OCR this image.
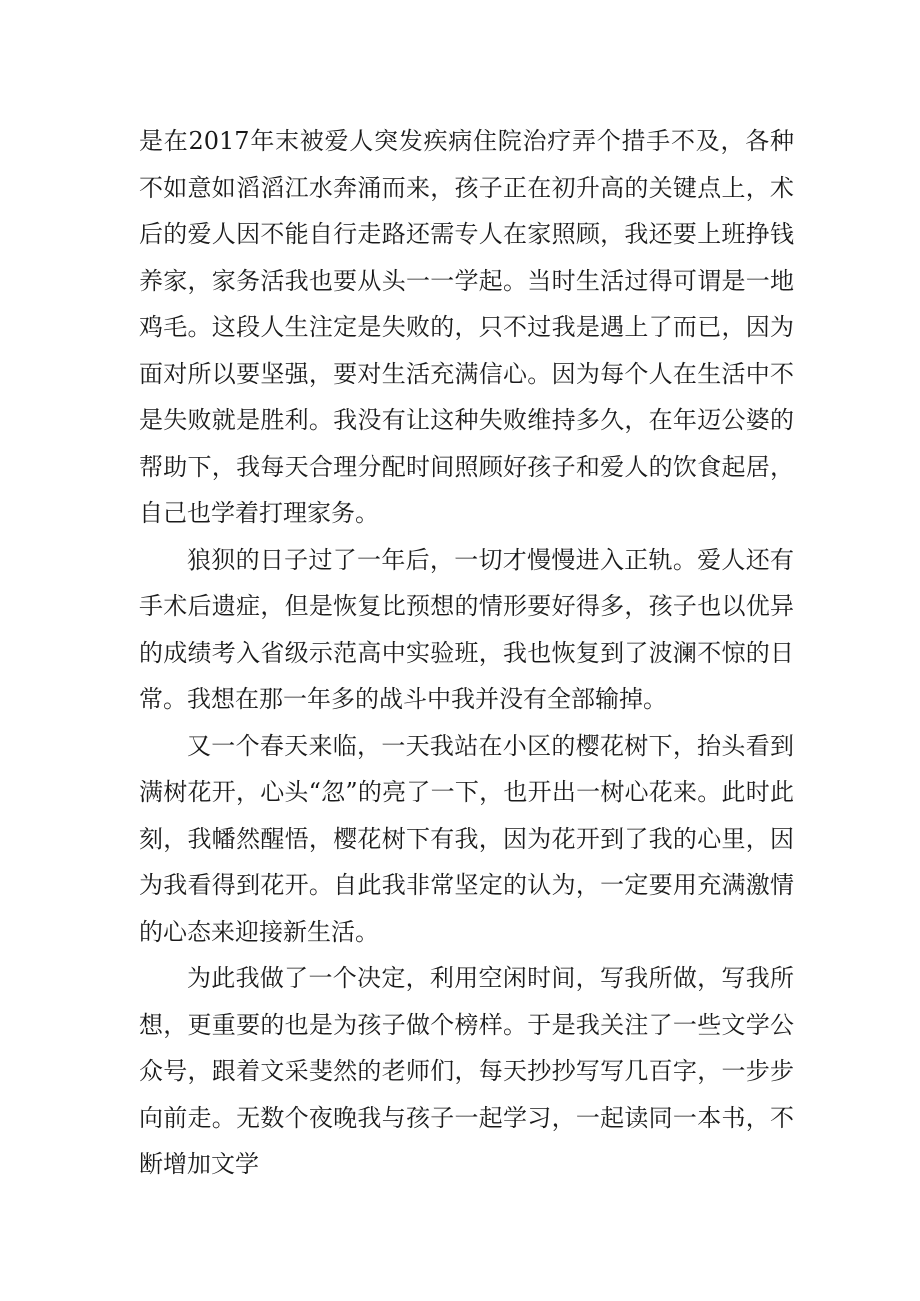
是在2017年末被爱人突发疾病住院治疗弄个措手不及，各种不如意如滔滔江水奔涌而来，孩子正在初升高的关键点上，术后的爱人因不能自行走路还需专人在家照顾，我还要上班挣钱养家，家务活我也要从头一一学起。当时生活过得可谓是一地鸡毛。这段人生注定是失败的，只不过我是遇上了而已，因为面对所以要坚强，要对生活充满信心。因为每个人在生活中不是失败就是胜利。我没有让这种失败维持多久，在年迈公婆的帮助下，我每天合理分配时间照顾好孩子和爱人的饮食起居，自己也学着打理家务。

狼狈的日子过了一年后，一切才慢慢进入正轨。爱人还有手术后遗症，但是恢复比预想的情形要好得多，孩子也以优异的成绩考入省级示范高中实验班，我也恢复到了波澜不惊的日常。我想在那一年多的战斗中我并没有全部输掉。

又一个春天来临，一天我站在小区的樱花树下，抬头看到满树花开，心头“忽”的亮了一下，也开出一树心花来。此时此刻，我幡然醒悟，樱花树下有我，因为花开到了我的心里，因为我看得到花开。自此我非常坚定的认为，一定要用充满激情的心态来迎接新生活。

为此我做了一个决定，利用空闲时间，写我所做，写我所想，更重要的也是为孩子做个榜样。于是我关注了一些文学公众号，跟着文采斐然的老师们，每天抄抄写写几百字，一步步向前走。无数个夜晚我与孩子一起学习，一起读同一本书，不断增加文学
